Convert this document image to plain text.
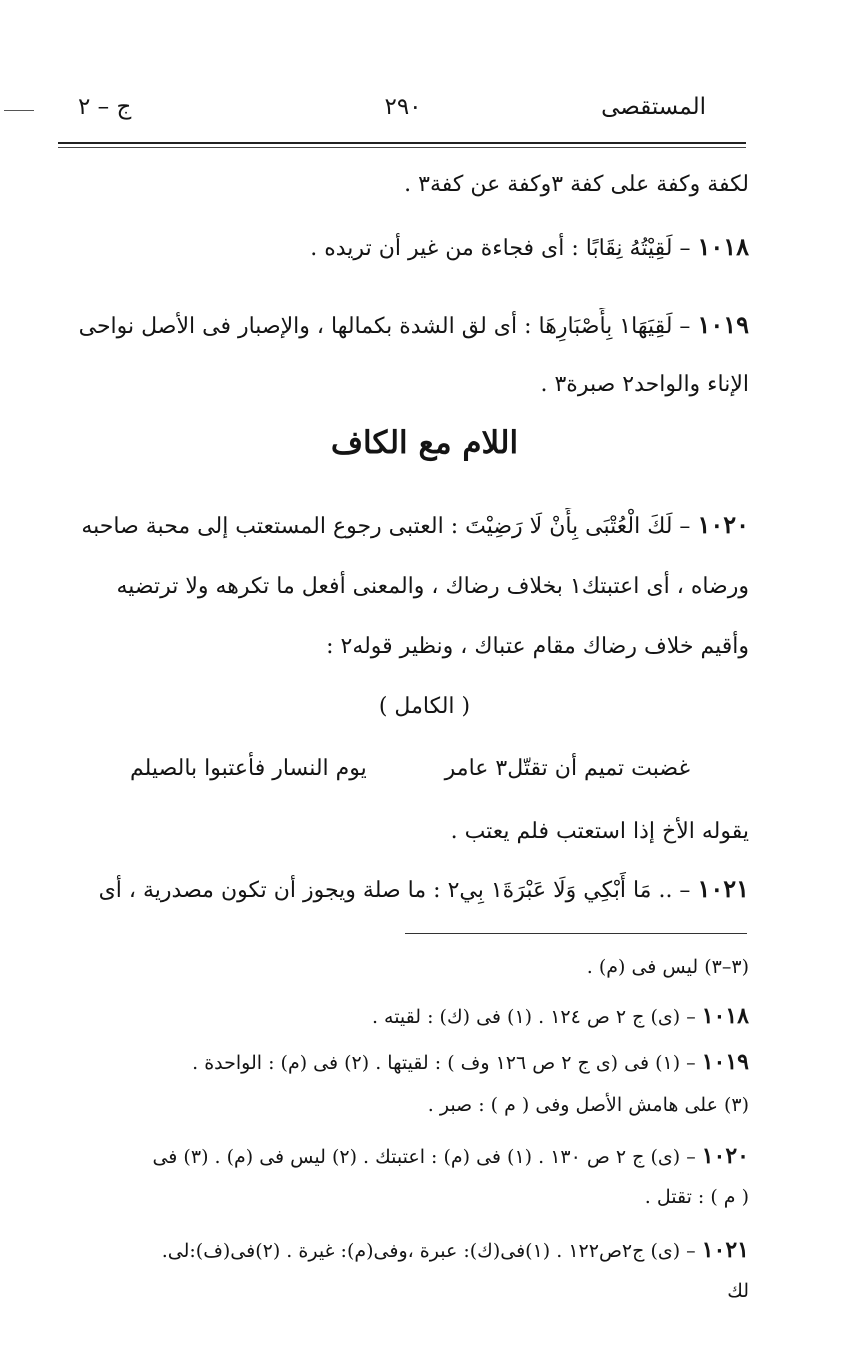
المستقصى
٢٩٠
ج – ٢
لكفة وكفة على كفة ٣وكفة عن كفة٣ .
١٠١٨ – لَقِيْتُهُ نِقَابًا : أى فجاءة من غير أن تريده .
١٠١٩ – لَقِيَهَا١ بِأَصْبَارِهَا : أى لق الشدة بكمالها ، والإصبار فى الأصل نواحى
الإناء والواحد٢ صبرة٣ .
اللام مع الكاف
١٠٢٠ – لَكَ الْعُتْبَى بِأَنْ لَا رَضِيْتَ : العتبى رجوع المستعتب إلى محبة صاحبه
ورضاه ، أى اعتبتك١ بخلاف رضاك ، والمعنى أفعل ما تكرهه ولا ترتضيه
وأقيم خلاف رضاك مقام عتباك ، ونظير قوله٢ :
( الكامل )
غضبت تميم أن تقتّل٣ عامر
يوم النسار فأعتبوا بالصيلم
يقوله الأخ إذا استعتب فلم يعتب .
١٠٢١ – .. مَا أَبْكِي وَلَا عَبْرَةَ١ بِي٢ : ما صلة ويجوز أن تكون مصدرية ، أى
(٣–٣) ليس فى (م) .
١٠١٨ – (ى) ج ٢ ص ١٢٤ . (١) فى (ك) : لقيته .
١٠١٩ – (١) فى (ى ج ٢ ص ١٢٦ وف ) : لقيتها . (٢) فى (م) : الواحدة .
(٣) على هامش الأصل وفى ( م ) : صبر .
١٠٢٠ – (ى) ج ٢ ص ١٣٠ . (١) فى (م) : اعتبتك . (٢) ليس فى (م) . (٣) فى
( م ) : تقتل .
١٠٢١ – (ى) ج٢ص١٢٢ . (١)فى(ك): عبرة ،وفى(م): غيرة . (٢)فى(ف):لى.
لك
